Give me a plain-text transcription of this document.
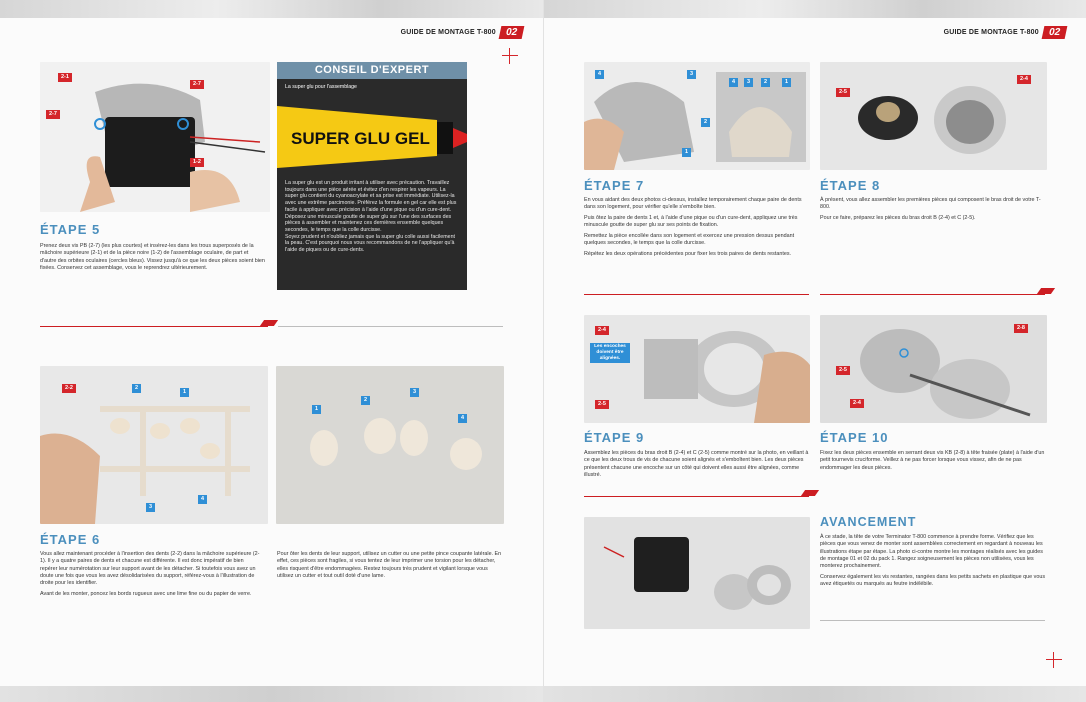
GUIDE DE MONTAGE T-800 02
2-1
2-7
2-7
1-2
CONSEIL D'EXPERT
La super glu pour l'assemblage
SUPER GLU GEL

La super glu est un produit irritant à utiliser avec précaution. Travaillez toujours dans une pièce aérée et évitez d'en respirer les vapeurs. La super glu contient du cyanoacrylate et sa prise est immédiate. Utilisez-la avec une extrême parcimonie. Préférez la formule en gel car elle est plus facile à appliquer avec précision à l'aide d'une pique ou d'un cure-dent.

Déposez une minuscule goutte de super glu sur l'une des surfaces des pièces à assembler et maintenez ces dernières ensemble quelques secondes, le temps que la colle durcisse.

Soyez prudent et n'oubliez jamais que la super glu colle aussi facilement la peau. C'est pourquoi nous vous recommandons de ne l'appliquer qu'à l'aide de piques ou de cure-dents.

ÉTAPE 5
Prenez deux vis PB (2-7) (les plus courtes) et insérez-les dans les trous superposés de la mâchoire supérieure (2-1) et de la pièce noire (1-2) de l'assemblage oculaire, de part et d'autre des orbites oculaires (cercles bleus). Vissez jusqu'à ce que les deux pièces soient bien fixées. Conservez cet assemblage, vous le reprendrez ultérieurement.
2-2	2
1
3
4
1
2
3
4
ÉTAPE 6

Vous allez maintenant procéder à l'insertion des dents (2-2) dans la mâchoire supérieure (2-1). Il y a quatre paires de dents et chacune est différente. Il est donc impératif de bien repérer leur numérotation sur leur support avant de les détacher. Si toutefois vous avez un doute une fois que vous les avez désolidarisées du support, référez-vous à l'illustration de droite pour les identifier.

Avant de les monter, poncez les bords rugueux avec une lime fine ou du papier de verre.

Pour ôter les dents de leur support, utilisez un cutter ou une petite pince coupante latérale. En effet, ces pièces sont fragiles, si vous tentez de leur imprimer une torsion pour les détacher, elles risquent d'être endommagées. Restez toujours très prudent et vigilant lorsque vous utilisez un cutter et tout outil doté d'une lame.
GUIDE DE MONTAGE T-800 02
4	3
2
1
4	3	2	1
2-5
2-4
ÉTAPE 7

En vous aidant des deux photos ci-dessus, installez temporairement chaque paire de dents dans son logement, pour vérifier qu'elle s'emboîte bien.

Puis ôtez la paire de dents 1 et, à l'aide d'une pique ou d'un cure-dent, appliquez une très minuscule goutte de super glu sur ses points de fixation.

Remettez la pièce encollée dans son logement et exercez une pression dessus pendant quelques secondes, le temps que la colle durcisse.

Répétez les deux opérations précédentes pour fixer les trois paires de dents restantes.

ÉTAPE 8

À présent, vous allez assembler les premières pièces qui composent le bras droit de votre T-800.

Pour ce faire, préparez les pièces du bras droit B (2-4) et C (2-5).

2-4
2-5
Les encoches doivent être alignées.
2-8
2-5
2-4
ÉTAPE 9
Assemblez les pièces du bras droit B (2-4) et C (2-5) comme montré sur la photo, en veillant à ce que les deux trous de vis de chacune soient alignés et s'emboîtent bien. Les deux pièces présentent chacune une encoche sur un côté qui doivent elles aussi être alignées, comme illustré.
ÉTAPE 10
Fixez les deux pièces ensemble en serrant deux vis KB (2-8) à tête fraisée (plate) à l'aide d'un petit tournevis cruciforme. Veillez à ne pas forcer lorsque vous vissez, afin de ne pas endommager les deux pièces.
AVANCEMENT

À ce stade, la tête de votre Terminator T-800 commence à prendre forme. Vérifiez que les pièces que vous venez de monter sont assemblées correctement en regardant à nouveau les illustrations étape par étape. La photo ci-contre montre les montages réalisés avec les guides de montage 01 et 02 du pack 1. Rangez soigneusement les pièces non utilisées, vous les monterez prochainement.

Conservez également les vis restantes, rangées dans les petits sachets en plastique que vous avez étiquetés ou marqués au feutre indélébile.
